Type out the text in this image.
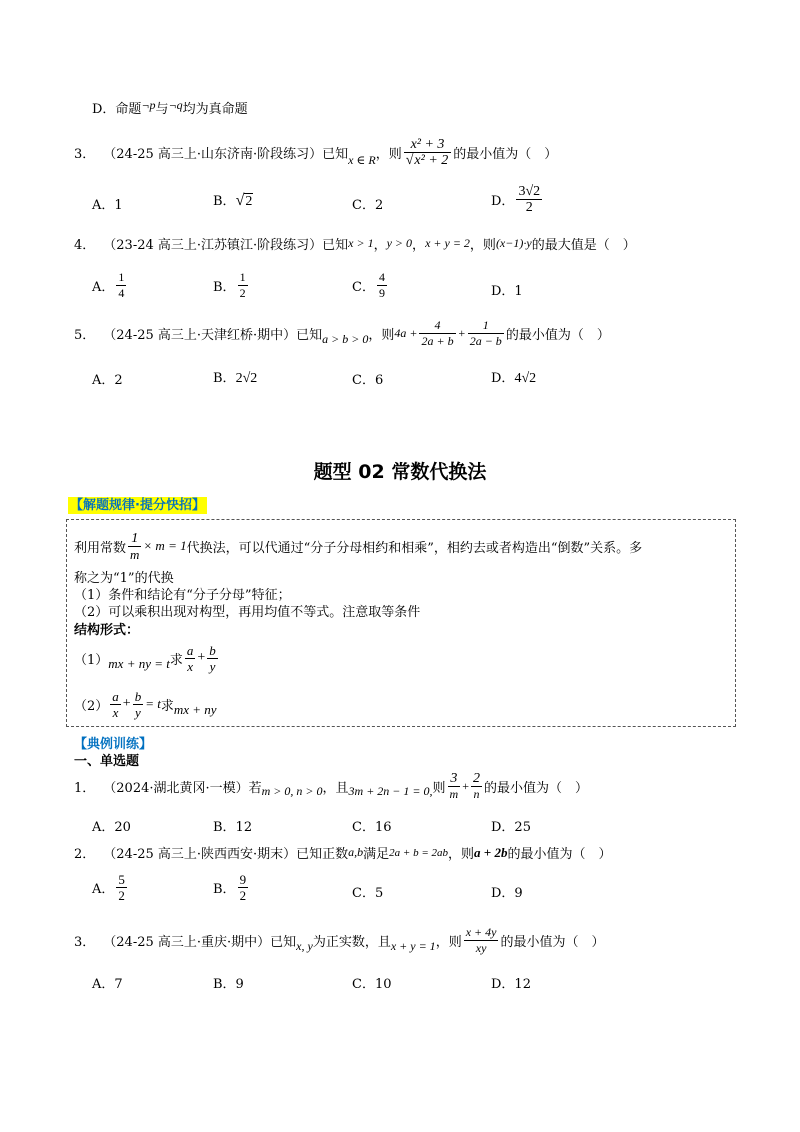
D．命题¬p与¬q均为真命题
3． （24-25 高三上·山东济南·阶段练习）已知 x ∈ R ，则 $\frac{\text{x² + 3}}{\text{√x² + 2}}$ 的最小值为（　）
A．1	B．√2	C．2	D． $\frac{3√2}{2}$
4． （23-24 高三上·江苏镇江·阶段练习）已知 x > 1 ， y > 0 ， x + y = 2 ，则 (x−1)·y 的最大值是（　）
A． $\frac{1}{4}$	B． $\frac{1}{2}$	C． $\frac{4}{9}$	D．1
5． （24-25 高三上·天津红桥·期中）已知 a > b > 0 ，则 $4a + \frac{4}{2a + b} + \frac{1}{2a - b}$ 的最小值为（　）
A．2	B．2√2	C．6	D．4√2
题型 02 常数代换法
【解题规律·提分快招】
利用常数 $\frac{1}{m} \times m = 1$ 代换法，可以代通过“分子分母相约和相乘”，相约去或者构造出“倒数”关系。多
称之为“1”的代换
（1）条件和结论有“分子分母”特征；
（2）可以乘积出现对构型，再用均值不等式。注意取等条件
结构形式：
（1） mx + ny = t 求 $\frac{a}{x} + \frac{b}{y}$
$(2) \frac{a}{x} + \frac{b}{y} = t$ 求 mx + ny
【典例训练】
一、单选题
1． （2024·湖北黄冈·一模）若 m > 0, n > 0 ，且 3m + 2n − 1 = 0, 则 $\frac{3}{m} + \frac{2}{n}$ 的最小值为（　）
A．20	B．12	C．16	D．25
2． （24-25 高三上·陕西西安·期末）已知正数 a,b 满足 2a + b = 2ab ，则 a + 2b 的最小值为（　）
A． $\frac{5}{2}$	B． $\frac{9}{2}$	C．5	D．9
3． （24-25 高三上·重庆·期中）已知 x, y 为正实数，且 x + y = 1 ，则 $\frac{x + 4y}{xy}$ 的最小值为（　）
A．7	B．9	C．10	D．12
